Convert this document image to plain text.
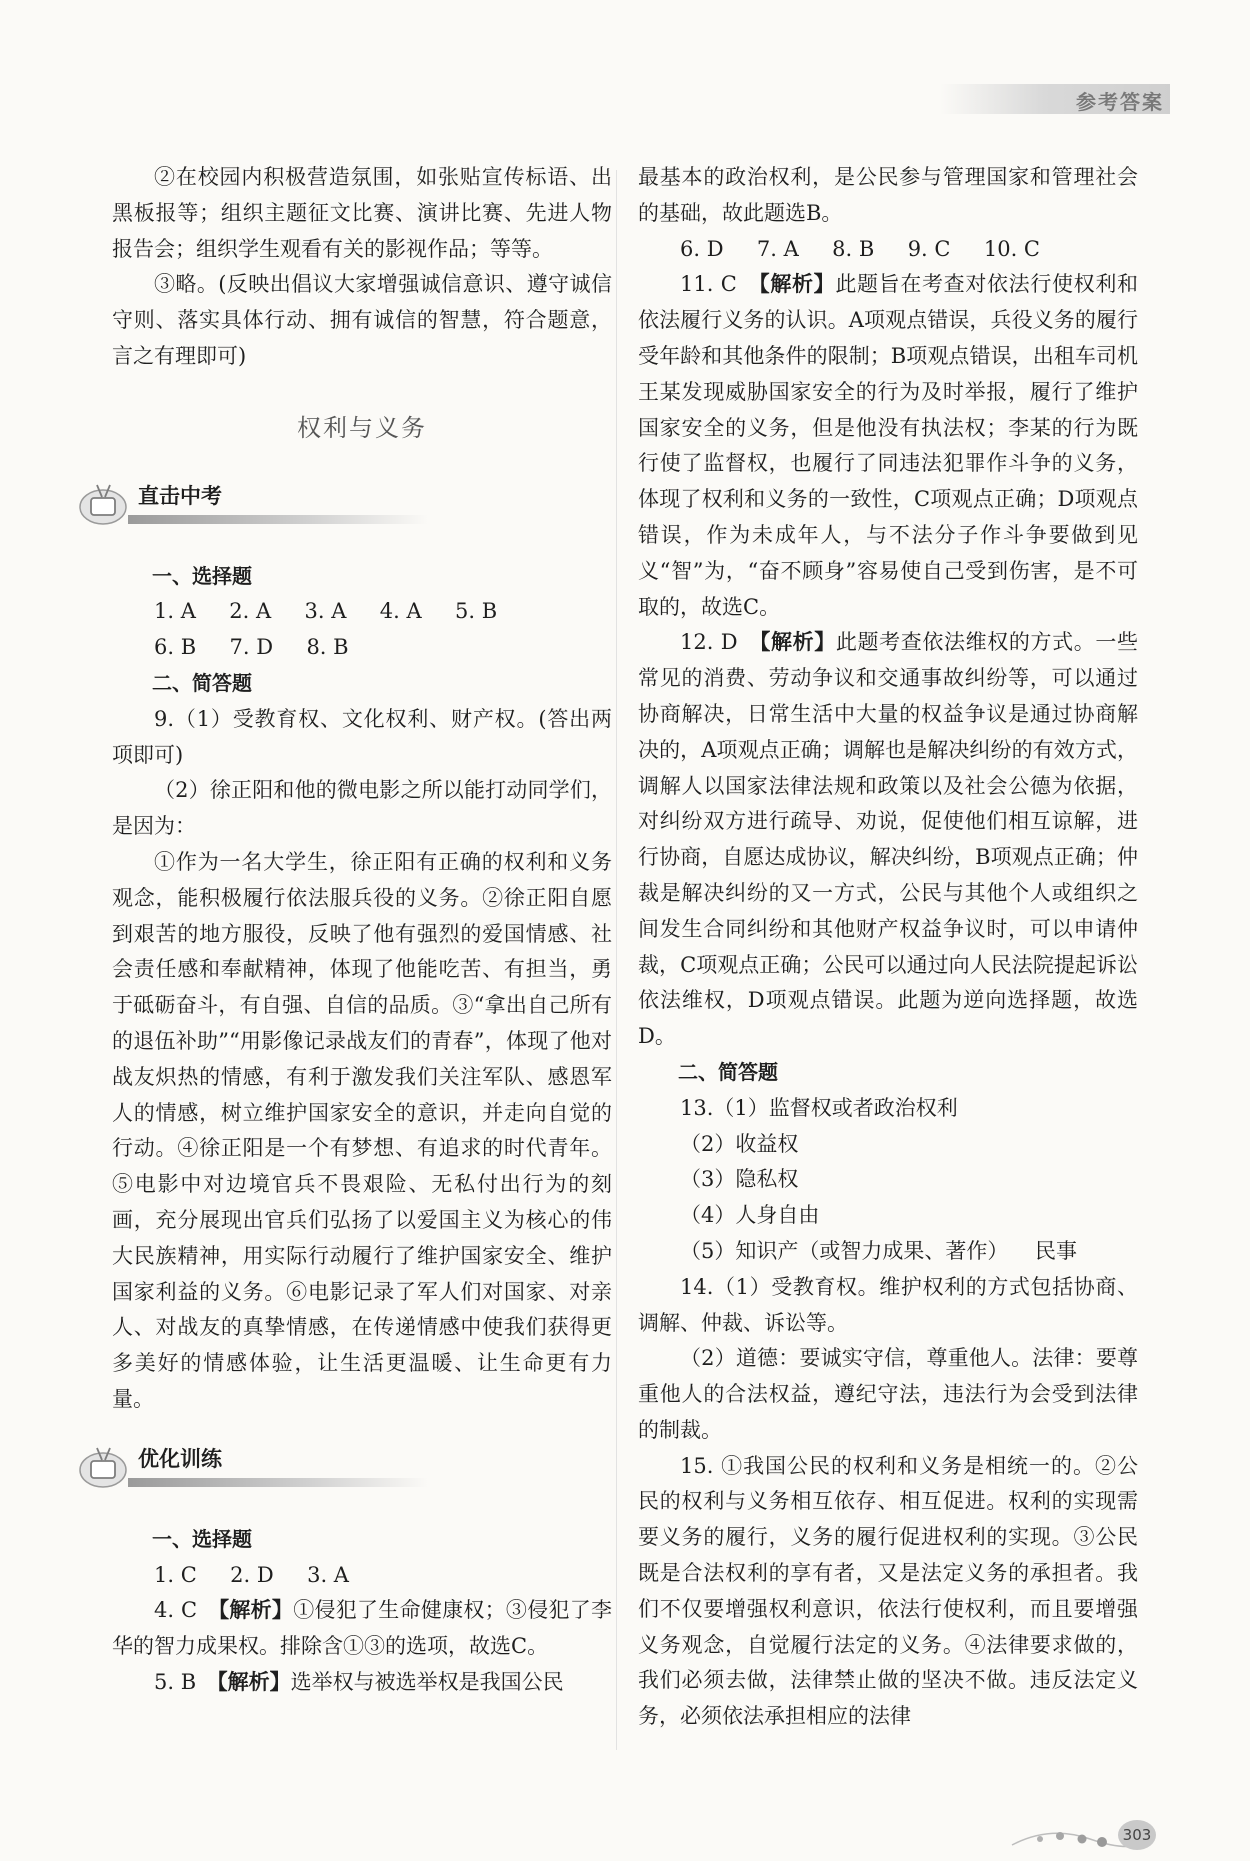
参考答案

②在校园内积极营造氛围，如张贴宣传标语、出黑板报等；组织主题征文比赛、演讲比赛、先进人物报告会；组织学生观看有关的影视作品；等等。

③略。(反映出倡议大家增强诚信意识、遵守诚信守则、落实具体行动、拥有诚信的智慧，符合题意，言之有理即可)

权利与义务

直击中考

一、选择题

1. A     2. A     3. A     4. A     5. B

6. B     7. D     8. B

二、简答题

9.（1）受教育权、文化权利、财产权。(答出两项即可)

（2）徐正阳和他的微电影之所以能打动同学们，是因为：

①作为一名大学生，徐正阳有正确的权利和义务观念，能积极履行依法服兵役的义务。②徐正阳自愿到艰苦的地方服役，反映了他有强烈的爱国情感、社会责任感和奉献精神，体现了他能吃苦、有担当，勇于砥砺奋斗，有自强、自信的品质。③“拿出自己所有的退伍补助”“用影像记录战友们的青春”，体现了他对战友炽热的情感，有利于激发我们关注军队、感恩军人的情感，树立维护国家安全的意识，并走向自觉的行动。④徐正阳是一个有梦想、有追求的时代青年。⑤电影中对边境官兵不畏艰险、无私付出行为的刻画，充分展现出官兵们弘扬了以爱国主义为核心的伟大民族精神，用实际行动履行了维护国家安全、维护国家利益的义务。⑥电影记录了军人们对国家、对亲人、对战友的真挚情感，在传递情感中使我们获得更多美好的情感体验，让生活更温暖、让生命更有力量。

优化训练

一、选择题

1. C     2. D     3. A

4. C　 【解析】①侵犯了生命健康权；③侵犯了李华的智力成果权。排除含①③的选项，故选C。

5. B　 【解析】选举权与被选举权是我国公民

最基本的政治权利，是公民参与管理国家和管理社会的基础，故此题选B。

6. D     7. A     8. B     9. C     10. C

11. C　 【解析】此题旨在考查对依法行使权利和依法履行义务的认识。A项观点错误，兵役义务的履行受年龄和其他条件的限制；B项观点错误，出租车司机王某发现威胁国家安全的行为及时举报，履行了维护国家安全的义务，但是他没有执法权；李某的行为既行使了监督权，也履行了同违法犯罪作斗争的义务，体现了权利和义务的一致性，C项观点正确；D项观点错误，作为未成年人，与不法分子作斗争要做到见义“智”为，“奋不顾身”容易使自己受到伤害，是不可取的，故选C。

12. D　 【解析】此题考查依法维权的方式。一些常见的消费、劳动争议和交通事故纠纷等，可以通过协商解决，日常生活中大量的权益争议是通过协商解决的，A项观点正确；调解也是解决纠纷的有效方式，调解人以国家法律法规和政策以及社会公德为依据，对纠纷双方进行疏导、劝说，促使他们相互谅解，进行协商，自愿达成协议，解决纠纷，B项观点正确；仲裁是解决纠纷的又一方式，公民与其他个人或组织之间发生合同纠纷和其他财产权益争议时，可以申请仲裁，C项观点正确；公民可以通过向人民法院提起诉讼依法维权，D项观点错误。此题为逆向选择题，故选D。

二、简答题

13.（1）监督权或者政治权利

（2）收益权

（3）隐私权

（4）人身自由

（5）知识产（或智力成果、著作）    民事

14.（1）受教育权。维护权利的方式包括协商、调解、仲裁、诉讼等。

（2）道德：要诚实守信，尊重他人。法律：要尊重他人的合法权益，遵纪守法，违法行为会受到法律的制裁。

15. ①我国公民的权利和义务是相统一的。②公民的权利与义务相互依存、相互促进。权利的实现需要义务的履行，义务的履行促进权利的实现。③公民既是合法权利的享有者，又是法定义务的承担者。我们不仅要增强权利意识，依法行使权利，而且要增强义务观念，自觉履行法定的义务。④法律要求做的，我们必须去做，法律禁止做的坚决不做。违反法定义务，必须依法承担相应的法律

303
